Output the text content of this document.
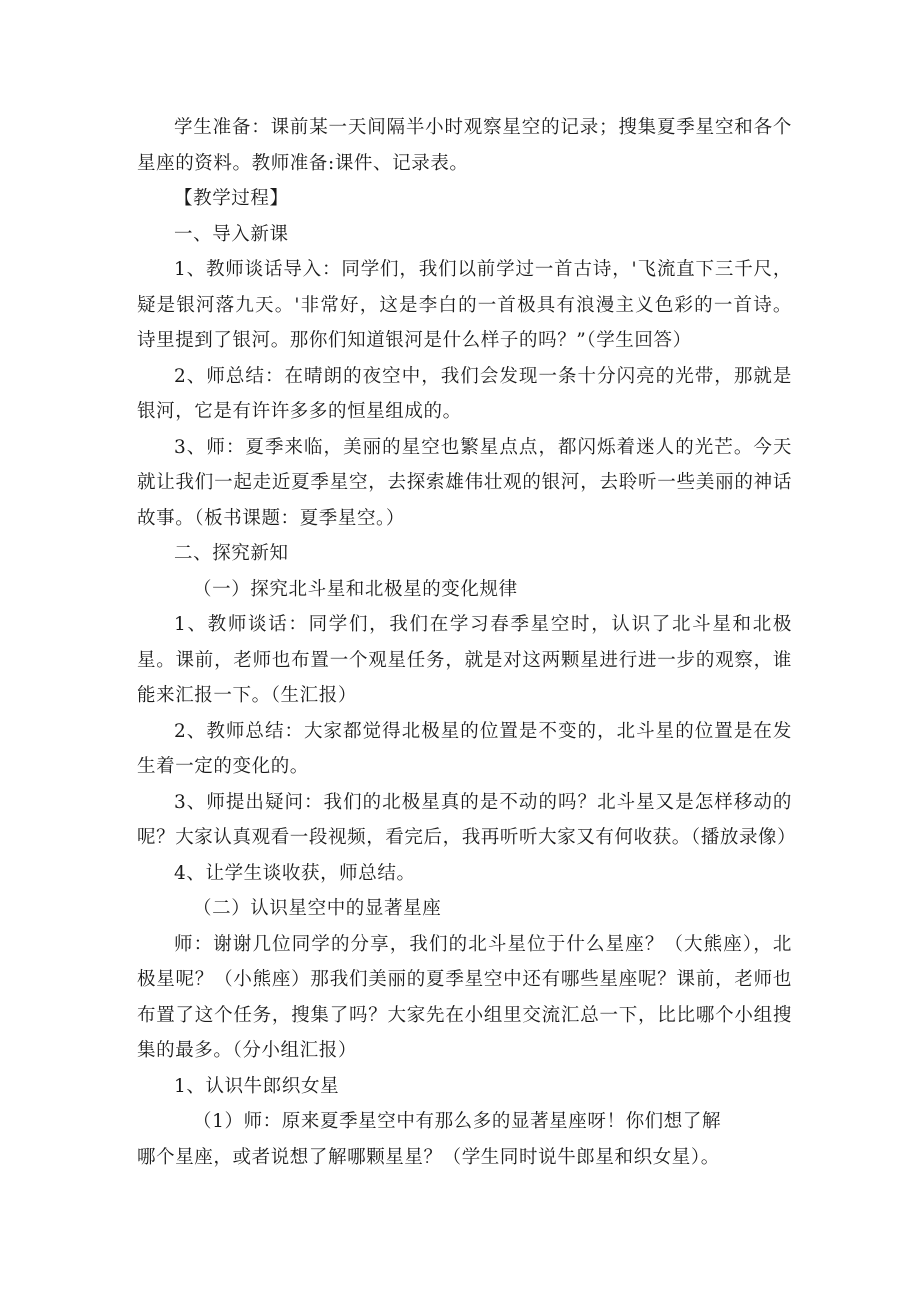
学生准备：课前某一天间隔半小时观察星空的记录；搜集夏季星空和各个星座的资料。教师准备:课件、记录表。

【教学过程】

一、导入新课

1、教师谈话导入：同学们，我们以前学过一首古诗，'飞流直下三千尺，疑是银河落九天。'非常好，这是李白的一首极具有浪漫主义色彩的一首诗。诗里提到了银河。那你们知道银河是什么样子的吗？”（学生回答）

2、师总结：在晴朗的夜空中，我们会发现一条十分闪亮的光带，那就是银河，它是有许许多多的恒星组成的。

3、师：夏季来临，美丽的星空也繁星点点，都闪烁着迷人的光芒。今天就让我们一起走近夏季星空，去探索雄伟壮观的银河，去聆听一些美丽的神话故事。（板书课题：夏季星空。）

二、探究新知

（一）探究北斗星和北极星的变化规律

1、教师谈话：同学们，我们在学习春季星空时，认识了北斗星和北极星。课前，老师也布置一个观星任务，就是对这两颗星进行进一步的观察，谁能来汇报一下。（生汇报）

2、教师总结：大家都觉得北极星的位置是不变的，北斗星的位置是在发生着一定的变化的。

3、师提出疑问：我们的北极星真的是不动的吗？北斗星又是怎样移动的呢？大家认真观看一段视频，看完后，我再听听大家又有何收获。（播放录像）

4、让学生谈收获，师总结。

（二）认识星空中的显著星座

师：谢谢几位同学的分享，我们的北斗星位于什么星座？（大熊座），北极星呢？（小熊座）那我们美丽的夏季星空中还有哪些星座呢？课前，老师也布置了这个任务，搜集了吗？大家先在小组里交流汇总一下，比比哪个小组搜集的最多。（分小组汇报）

1、认识牛郎织女星

（1）师：原来夏季星空中有那么多的显著星座呀！你们想了解

哪个星座，或者说想了解哪颗星星？（学生同时说牛郎星和织女星）。
